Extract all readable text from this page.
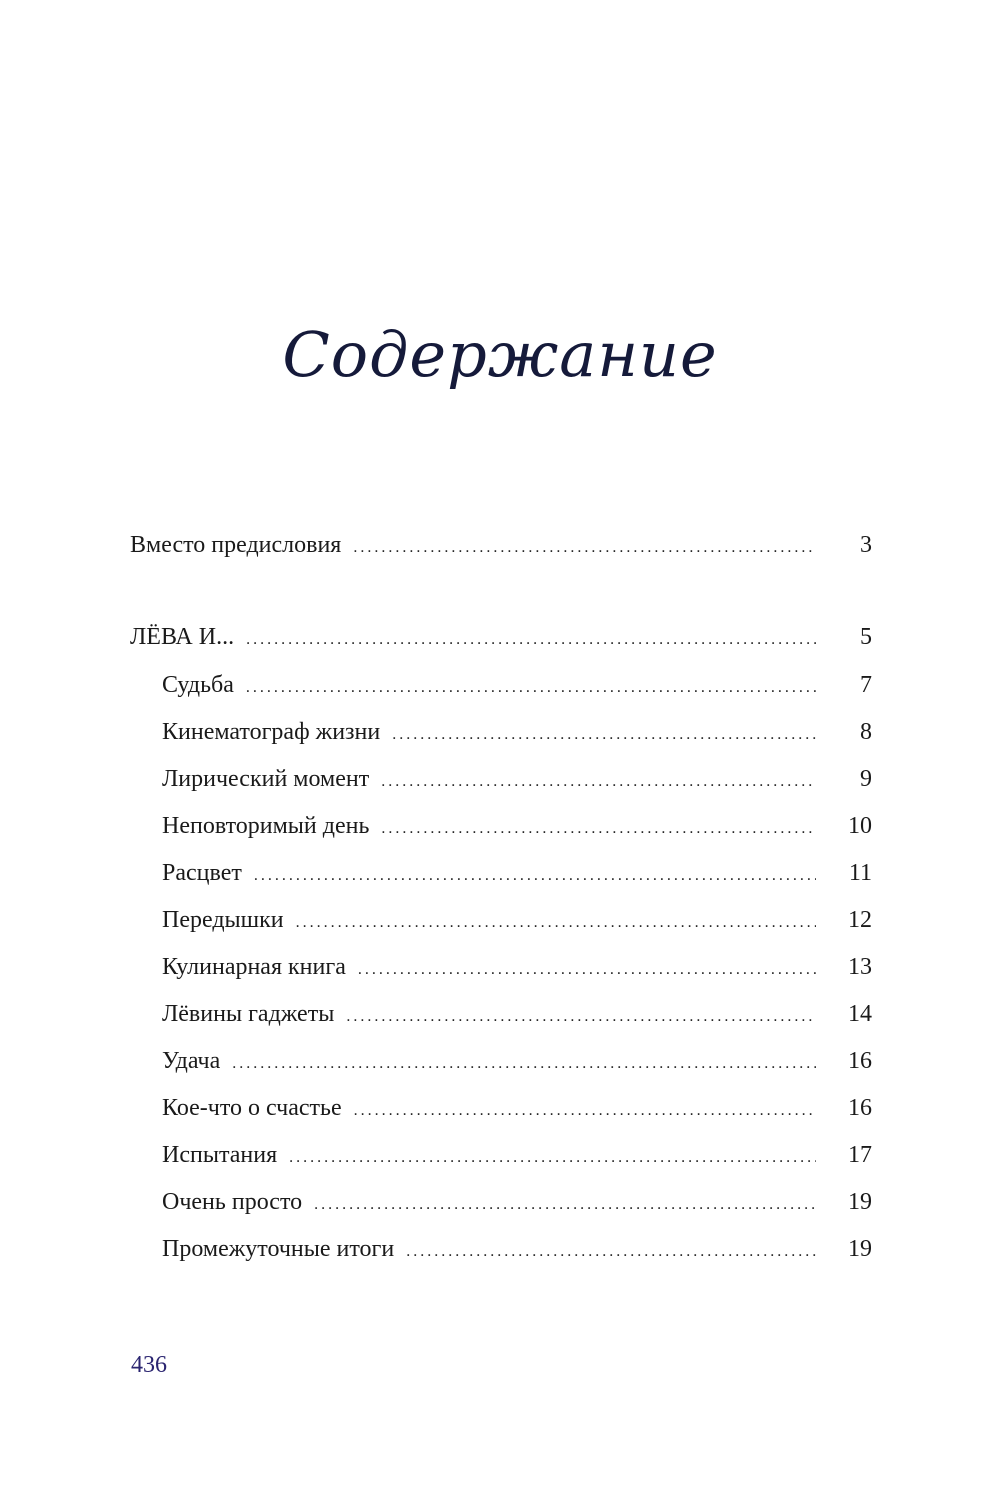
Содержание
Вместо предисловия . . .	3
ЛЁВА И... . . .	5
Судьба . . .	7
Кинематограф жизни . . .	8
Лирический момент . . .	9
Неповторимый день . . .	10
Расцвет . . .	11
Передышки . . .	12
Кулинарная книга . . .	13
Лёвины гаджеты . . .	14
Удача . . .	16
Кое-что о счастье . . .	16
Испытания . . .	17
Очень просто . . .	19
Промежуточные итоги . . .	19
436
